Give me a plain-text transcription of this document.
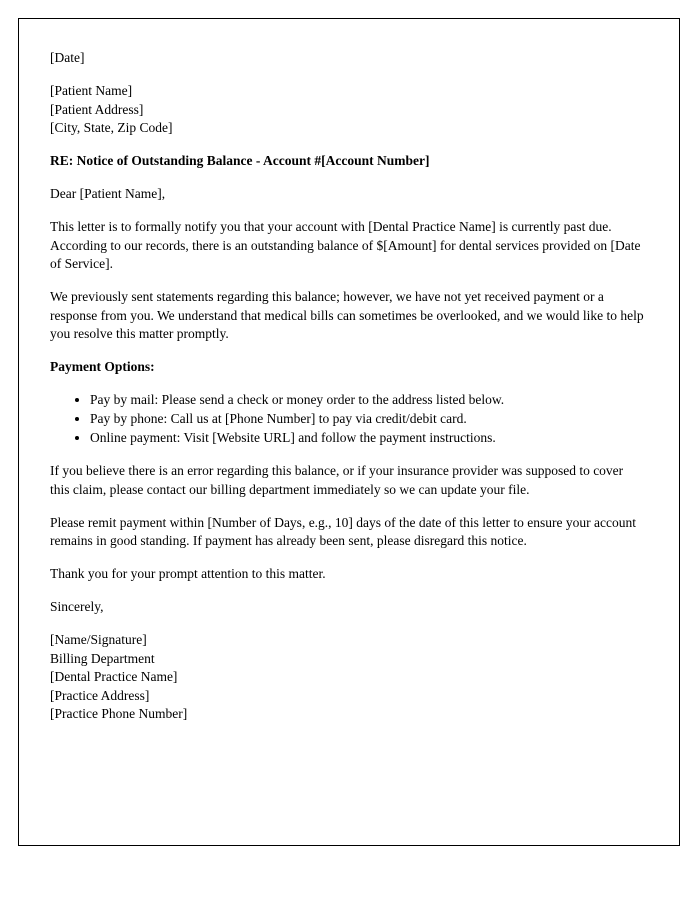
[Date]

[Patient Name]
[Patient Address]
[City, State, Zip Code]

RE: Notice of Outstanding Balance - Account #[Account Number]

Dear [Patient Name],

This letter is to formally notify you that your account with [Dental Practice Name] is currently past due. According to our records, there is an outstanding balance of $[Amount] for dental services provided on [Date of Service].

We previously sent statements regarding this balance; however, we have not yet received payment or a response from you. We understand that medical bills can sometimes be overlooked, and we would like to help you resolve this matter promptly.

Payment Options:

• Pay by mail: Please send a check or money order to the address listed below.
• Pay by phone: Call us at [Phone Number] to pay via credit/debit card.
• Online payment: Visit [Website URL] and follow the payment instructions.

If you believe there is an error regarding this balance, or if your insurance provider was supposed to cover this claim, please contact our billing department immediately so we can update your file.

Please remit payment within [Number of Days, e.g., 10] days of the date of this letter to ensure your account remains in good standing. If payment has already been sent, please disregard this notice.

Thank you for your prompt attention to this matter.

Sincerely,

[Name/Signature]
Billing Department
[Dental Practice Name]
[Practice Address]
[Practice Phone Number]
